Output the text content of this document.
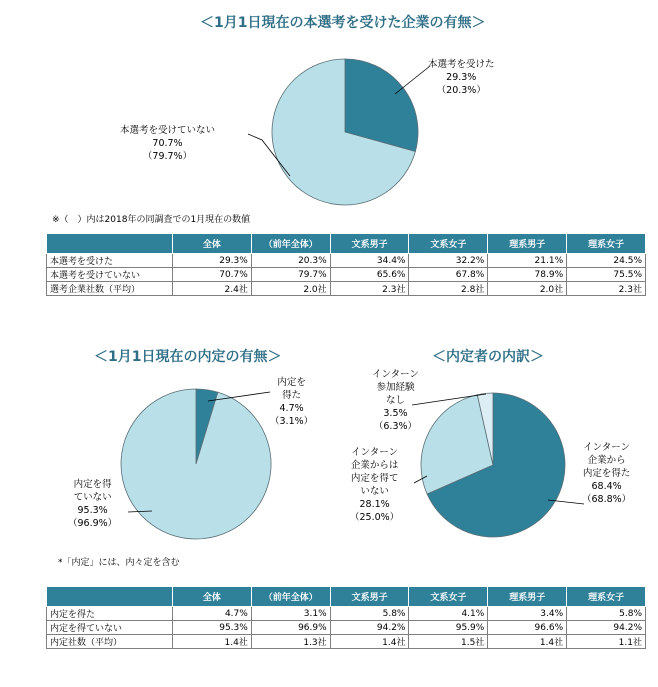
＜1月1日現在の本選考を受けた企業の有無＞
本選考を受けた
29.3%
（20.3%）
本選考を受けていない
70.7%
（79.7%）
※（　）内は2018年の同調査での1月現在の数値
	全体	（前年全体）	文系男子	文系女子	理系男子	理系女子
本選考を受けた	29.3%	20.3%	34.4%	32.2%	21.1%	24.5%
本選考を受けていない	70.7%	79.7%	65.6%	67.8%	78.9%	75.5%
選考企業社数（平均）	2.4社	2.0社	2.3社	2.8社	2.0社	2.3社
＜1月1日現在の内定の有無＞
内定を
得た
4.7%
（3.1%）
内定を得
ていない
95.3%
（96.9%）
＜内定者の内訳＞
インターン
参加経験
なし
3.5%
（6.3%）
インターン
企業から
内定を得た
68.4%
（68.8%）
インターン
企業からは
内定を得て
いない
28.1%
（25.0%）
*「内定」には、内々定を含む
	全体	（前年全体）	文系男子	文系女子	理系男子	理系女子
内定を得た	4.7%	3.1%	5.8%	4.1%	3.4%	5.8%
内定を得ていない	95.3%	96.9%	94.2%	95.9%	96.6%	94.2%
内定社数（平均）	1.4社	1.3社	1.4社	1.5社	1.4社	1.1社
